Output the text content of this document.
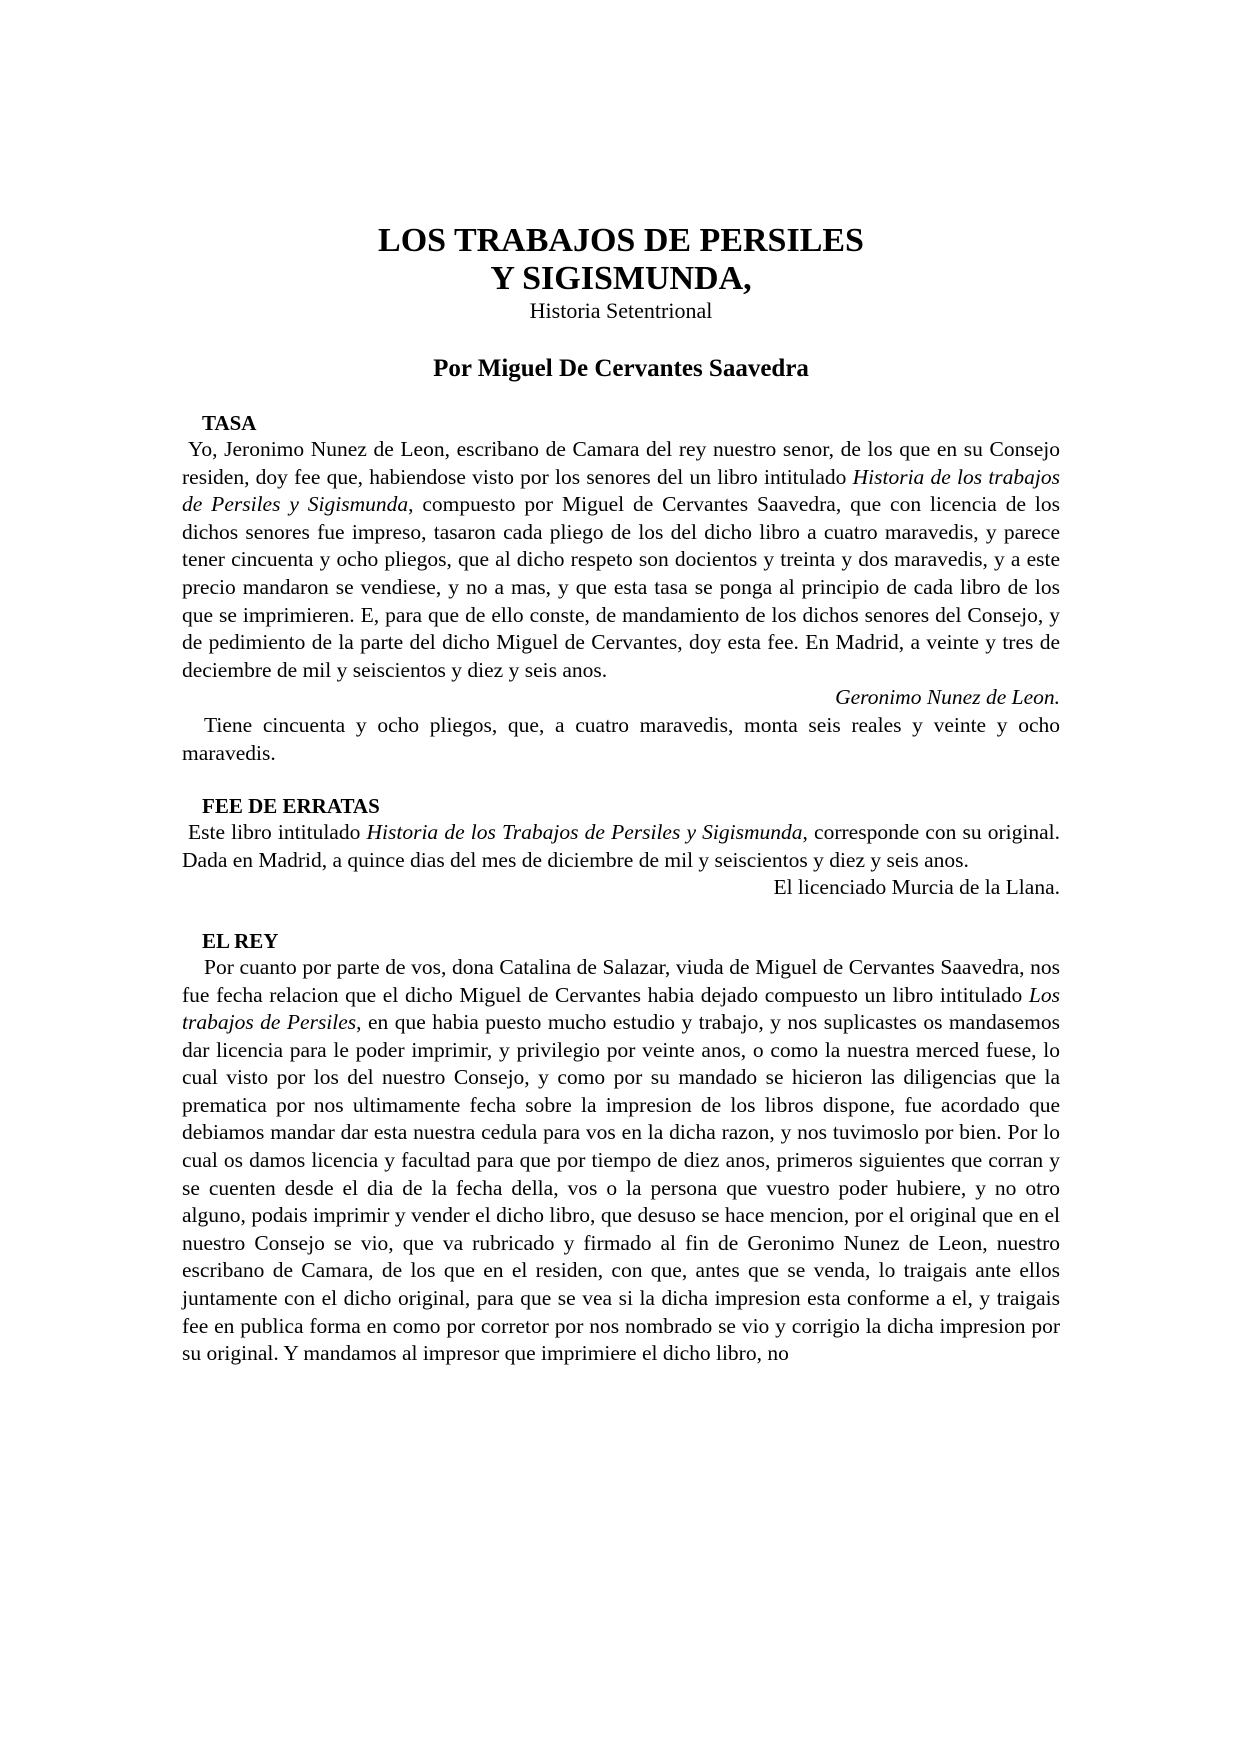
LOS TRABAJOS DE PERSILES
Y SIGISMUNDA,

Historia Setentrional

Por Miguel De Cervantes Saavedra

TASA

Yo, Jeronimo Nunez de Leon, escribano de Camara del rey nuestro senor, de los que en su Consejo residen, doy fee que, habiendose visto por los senores del un libro intitulado Historia de los trabajos de Persiles y Sigismunda, compuesto por Miguel de Cervantes Saavedra, que con licencia de los dichos senores fue impreso, tasaron cada pliego de los del dicho libro a cuatro maravedis, y parece tener cincuenta y ocho pliegos, que al dicho respeto son docientos y treinta y dos maravedis, y a este precio mandaron se vendiese, y no a mas, y que esta tasa se ponga al principio de cada libro de los que se imprimieren. E, para que de ello conste, de mandamiento de los dichos senores del Consejo, y de pedimiento de la parte del dicho Miguel de Cervantes, doy esta fee. En Madrid, a veinte y tres de deciembre de mil y seiscientos y diez y seis anos.

Geronimo Nunez de Leon.

Tiene cincuenta y ocho pliegos, que, a cuatro maravedis, monta seis reales y veinte y ocho maravedis.

FEE DE ERRATAS

Este libro intitulado Historia de los Trabajos de Persiles y Sigismunda, corresponde con su original. Dada en Madrid, a quince dias del mes de diciembre de mil y seiscientos y diez y seis anos.

El licenciado Murcia de la Llana.

EL REY

Por cuanto por parte de vos, dona Catalina de Salazar, viuda de Miguel de Cervantes Saavedra, nos fue fecha relacion que el dicho Miguel de Cervantes habia dejado compuesto un libro intitulado Los trabajos de Persiles, en que habia puesto mucho estudio y trabajo, y nos suplicastes os mandasemos dar licencia para le poder imprimir, y privilegio por veinte anos, o como la nuestra merced fuese, lo cual visto por los del nuestro Consejo, y como por su mandado se hicieron las diligencias que la prematica por nos ultimamente fecha sobre la impresion de los libros dispone, fue acordado que debiamos mandar dar esta nuestra cedula para vos en la dicha razon, y nos tuvimoslo por bien. Por lo cual os damos licencia y facultad para que por tiempo de diez anos, primeros siguientes que corran y se cuenten desde el dia de la fecha della, vos o la persona que vuestro poder hubiere, y no otro alguno, podais imprimir y vender el dicho libro, que desuso se hace mencion, por el original que en el nuestro Consejo se vio, que va rubricado y firmado al fin de Geronimo Nunez de Leon, nuestro escribano de Camara, de los que en el residen, con que, antes que se venda, lo traigais ante ellos juntamente con el dicho original, para que se vea si la dicha impresion esta conforme a el, y traigais fee en publica forma en como por corretor por nos nombrado se vio y corrigio la dicha impresion por su original. Y mandamos al impresor que imprimiere el dicho libro, no
